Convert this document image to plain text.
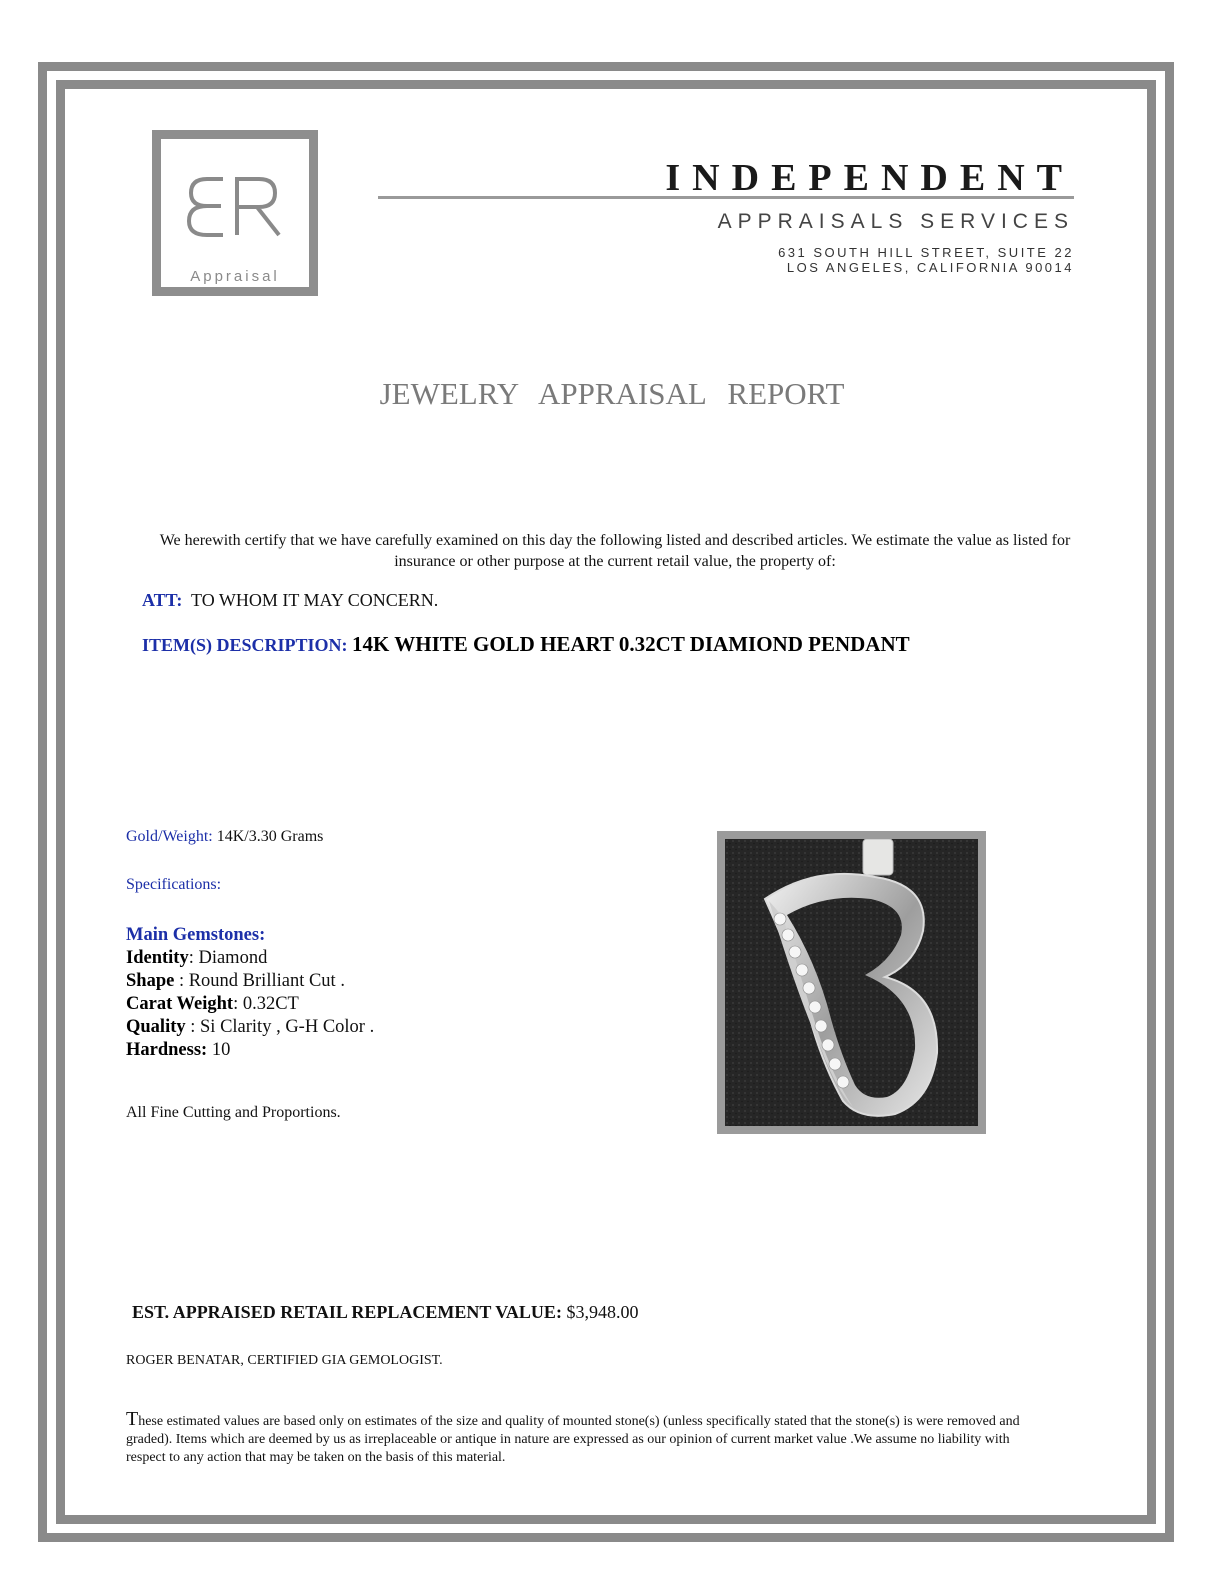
Appraisal
INDEPENDENT
APPRAISALS SERVICES
631 SOUTH HILL STREET, SUITE 22
LOS ANGELES, CALIFORNIA 90014
JEWELRY APPRAISAL REPORT
We herewith certify that we have carefully examined on this day the following listed and described articles. We estimate the value as listed for insurance or other purpose at the current retail value, the property of:
ATT: TO WHOM IT MAY CONCERN.
ITEM(S) DESCRIPTION: 14K WHITE GOLD HEART 0.32CT DIAMIOND PENDANT
Gold/Weight: 14K/3.30 Grams
Specifications:
Main Gemstones:
Identity: Diamond
Shape : Round Brilliant Cut .
Carat Weight: 0.32CT
Quality : Si Clarity , G-H Color .
Hardness: 10
All Fine Cutting and Proportions.
EST. APPRAISED RETAIL REPLACEMENT VALUE: $3,948.00
ROGER BENATAR, CERTIFIED GIA GEMOLOGIST.
These estimated values are based only on estimates of the size and quality of mounted stone(s) (unless specifically stated that the stone(s) is were removed and graded). Items which are deemed by us as irreplaceable or antique in nature are expressed as our opinion of current market value .We assume no liability with respect to any action that may be taken on the basis of this material.
